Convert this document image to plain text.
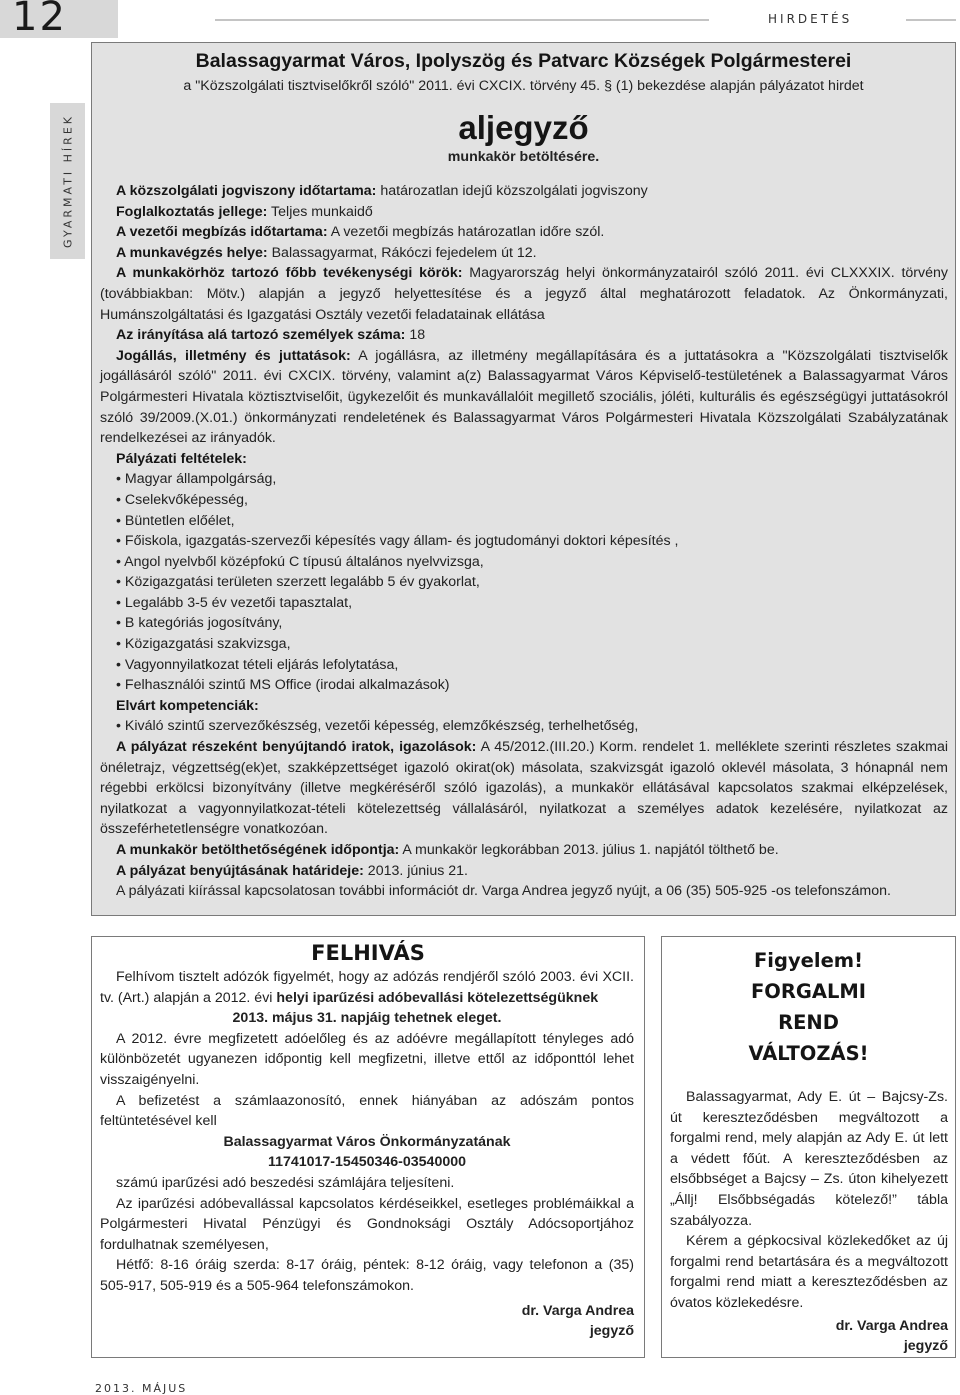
12	HIRDETÉS
GYARMATI HÍREK
Balassagyarmat Város, Ipolyszög és Patvarc Községek Polgármesterei
a "Közszolgálati tisztviselőkről szóló" 2011. évi CXCIX. törvény 45. § (1) bekezdése alapján pályázatot hirdet
aljegyző
munkakör betöltésére.

A közszolgálati jogviszony időtartama: határozatlan idejű közszolgálati jogviszony

Foglalkoztatás jellege: Teljes munkaidő

A vezetői megbízás időtartama: A vezetői megbízás határozatlan időre szól.

A munkavégzés helye: Balassagyarmat, Rákóczi fejedelem út 12.

A munkakörhöz tartozó főbb tevékenységi körök: Magyarország helyi önkormányzatairól szóló 2011. évi CLXXXIX. törvény (továbbiakban: Mötv.) alapján a jegyző helyettesítése és a jegyző által meghatározott feladatok. Az Önkormányzati, Humánszolgáltatási és Igazgatási Osztály vezetői feladatainak ellátása

Az irányítása alá tartozó személyek száma: 18

Jogállás, illetmény és juttatások: A jogállásra, az illetmény megállapítására és a juttatásokra a "Közszolgálati tisztviselők jogállásáról szóló" 2011. évi CXCIX. törvény, valamint a(z) Balassagyarmat Város Képviselő-testületének a Balassagyarmat Város Polgármesteri Hivatala köztisztviselőit, ügykezelőit és munkavállalóit megillető szociális, jóléti, kulturális és egészségügyi juttatásokról szóló 39/2009.(X.01.) önkormányzati rendeletének és Balassagyarmat Város Polgármesteri Hivatala Közszolgálati Szabályzatának rendelkezései az irányadók.

Pályázati feltételek:

• Magyar állampolgárság,

• Cselekvőképesség,

• Büntetlen előélet,

• Főiskola, igazgatás-szervezői képesítés vagy állam- és jogtudományi doktori képesítés ,

• Angol nyelvből középfokú C típusú általános nyelvvizsga,

• Közigazgatási területen szerzett legalább 5 év gyakorlat,

• Legalább 3-5 év vezetői tapasztalat,

• B kategóriás jogosítvány,

• Közigazgatási szakvizsga,

• Vagyonnyilatkozat tételi eljárás lefolytatása,

• Felhasználói szintű MS Office (irodai alkalmazások)

Elvárt kompetenciák:

• Kiváló szintű szervezőkészség, vezetői képesség, elemzőkészség, terhelhetőség,

A pályázat részeként benyújtandó iratok, igazolások: A 45/2012.(III.20.) Korm. rendelet 1. melléklete szerinti részletes szakmai önéletrajz, végzettség(ek)et, szakképzettséget igazoló okirat(ok) másolata, szakvizsgát igazoló oklevél másolata, 3 hónapnál nem régebbi erkölcsi bizonyítvány (illetve megkéréséről szóló igazolás), a munkakör ellátásával kapcsolatos szakmai elképzelések, nyilatkozat a vagyonnyilatkozat-tételi kötelezettség vállalásáról, nyilatkozat a személyes adatok kezelésére, nyilatkozat az összeférhetetlenségre vonatkozóan.

A munkakör betölthetőségének időpontja: A munkakör legkorábban 2013. július 1. napjától tölthető be.

A pályázat benyújtásának határideje: 2013. június 21.

A pályázati kiírással kapcsolatosan további információt dr. Varga Andrea jegyző nyújt, a 06 (35) 505-925 -os telefonszámon.

FELHIVÁS

Felhívom tisztelt adózók figyelmét, hogy az adózás rendjéről szóló 2003. évi XCII. tv. (Art.) alapján a 2012. évi helyi iparűzési adóbevallási kötelezettségüknek

2013. május 31. napjáig tehetnek eleget.

A 2012. évre megfizetett adóelőleg és az adóévre megállapított tényleges adó különbözetét ugyanezen időpontig kell megfizetni, illetve ettől az időponttól lehet visszaigényelni.

A befizetést a számlaazonosító, ennek hiányában az adószám pontos feltüntetésével kell

Balassagyarmat Város Önkormányzatának

11741017-15450346-03540000

számú iparűzési adó beszedési számlájára teljesíteni.

Az iparűzési adóbevallással kapcsolatos kérdéseikkel, esetleges problémáikkal a Polgármesteri Hivatal Pénzügyi és Gondnoksági Osztály Adócsoportjához fordulhatnak személyesen,

Hétfő: 8-16 óráig szerda: 8-17 óráig, péntek: 8-12 óráig, vagy telefonon a (35) 505-917, 505-919 és a 505-964 telefonszámokon.

dr. Varga Andrea

jegyző

Figyelem!
FORGALMI
REND
VÁLTOZÁS!

Balassagyarmat, Ady E. út – Bajcsy-Zs. út kereszteződésben megváltozott a forgalmi rend, mely alapján az Ady E. út lett a védett főút. A kereszteződésben az elsőbbséget a Bajcsy – Zs. úton kihelyezett „Állj! Elsőbbségadás kötelező!” tábla szabályozza.

Kérem a gépkocsival közlekedőket az új forgalmi rend betartására és a megváltozott forgalmi rend miatt a kereszteződésben az óvatos közlekedésre.

dr. Varga Andrea

jegyző

2013. MÁJUS
